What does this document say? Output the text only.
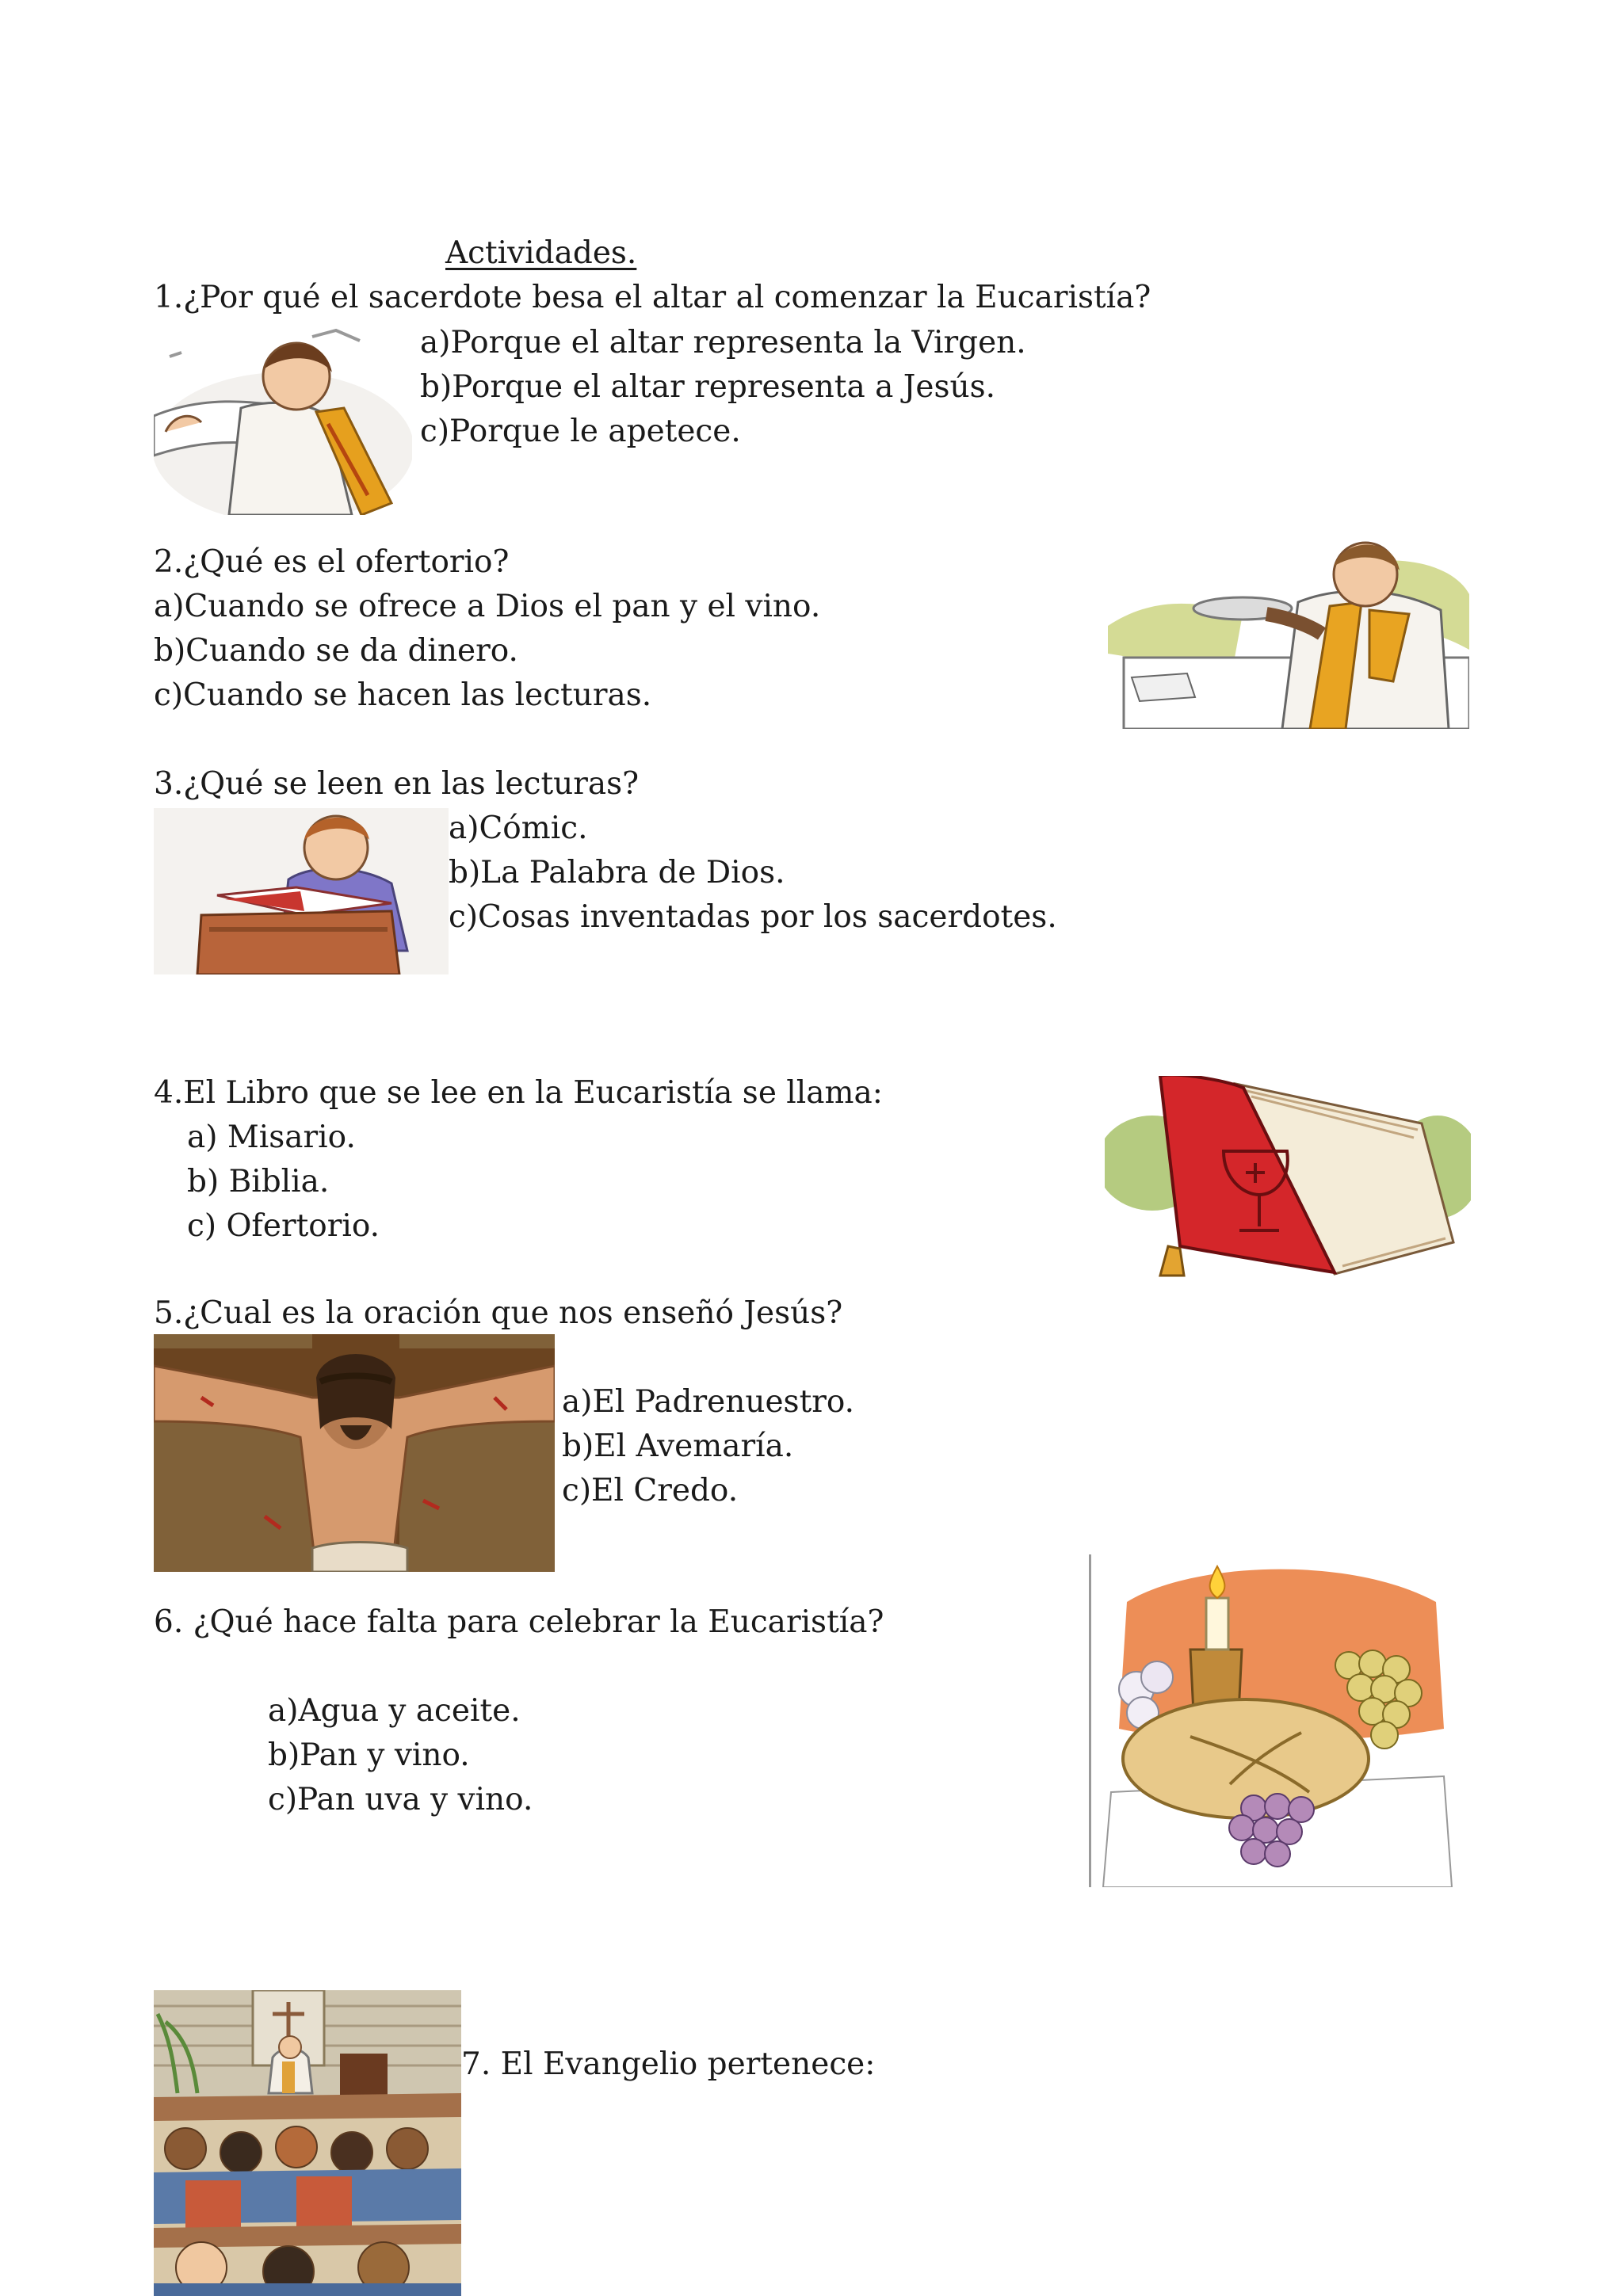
Actividades.

1.¿Por qué el sacerdote besa el altar al comenzar la Eucaristía?

a)Porque el altar representa la Virgen.

b)Porque el altar representa a Jesús.

c)Porque le apetece.

2.¿Qué es el ofertorio?

a)Cuando se ofrece a Dios el pan y el vino.

b)Cuando se da dinero.

c)Cuando se hacen las lecturas.

3.¿Qué se leen en las lecturas?

a)Cómic.

b)La Palabra de Dios.

c)Cosas inventadas por los sacerdotes.

4.El Libro que se lee en la Eucaristía se llama:

a) Misario.

b) Biblia.

c) Ofertorio.

5.¿Cual es la oración que nos enseñó Jesús?

a)El Padrenuestro.

b)El Avemaría.

c)El Credo.

6. ¿Qué hace falta para celebrar la Eucaristía?

a)Agua y aceite.

b)Pan y vino.

c)Pan uva y vino.

7. El Evangelio pertenece:
